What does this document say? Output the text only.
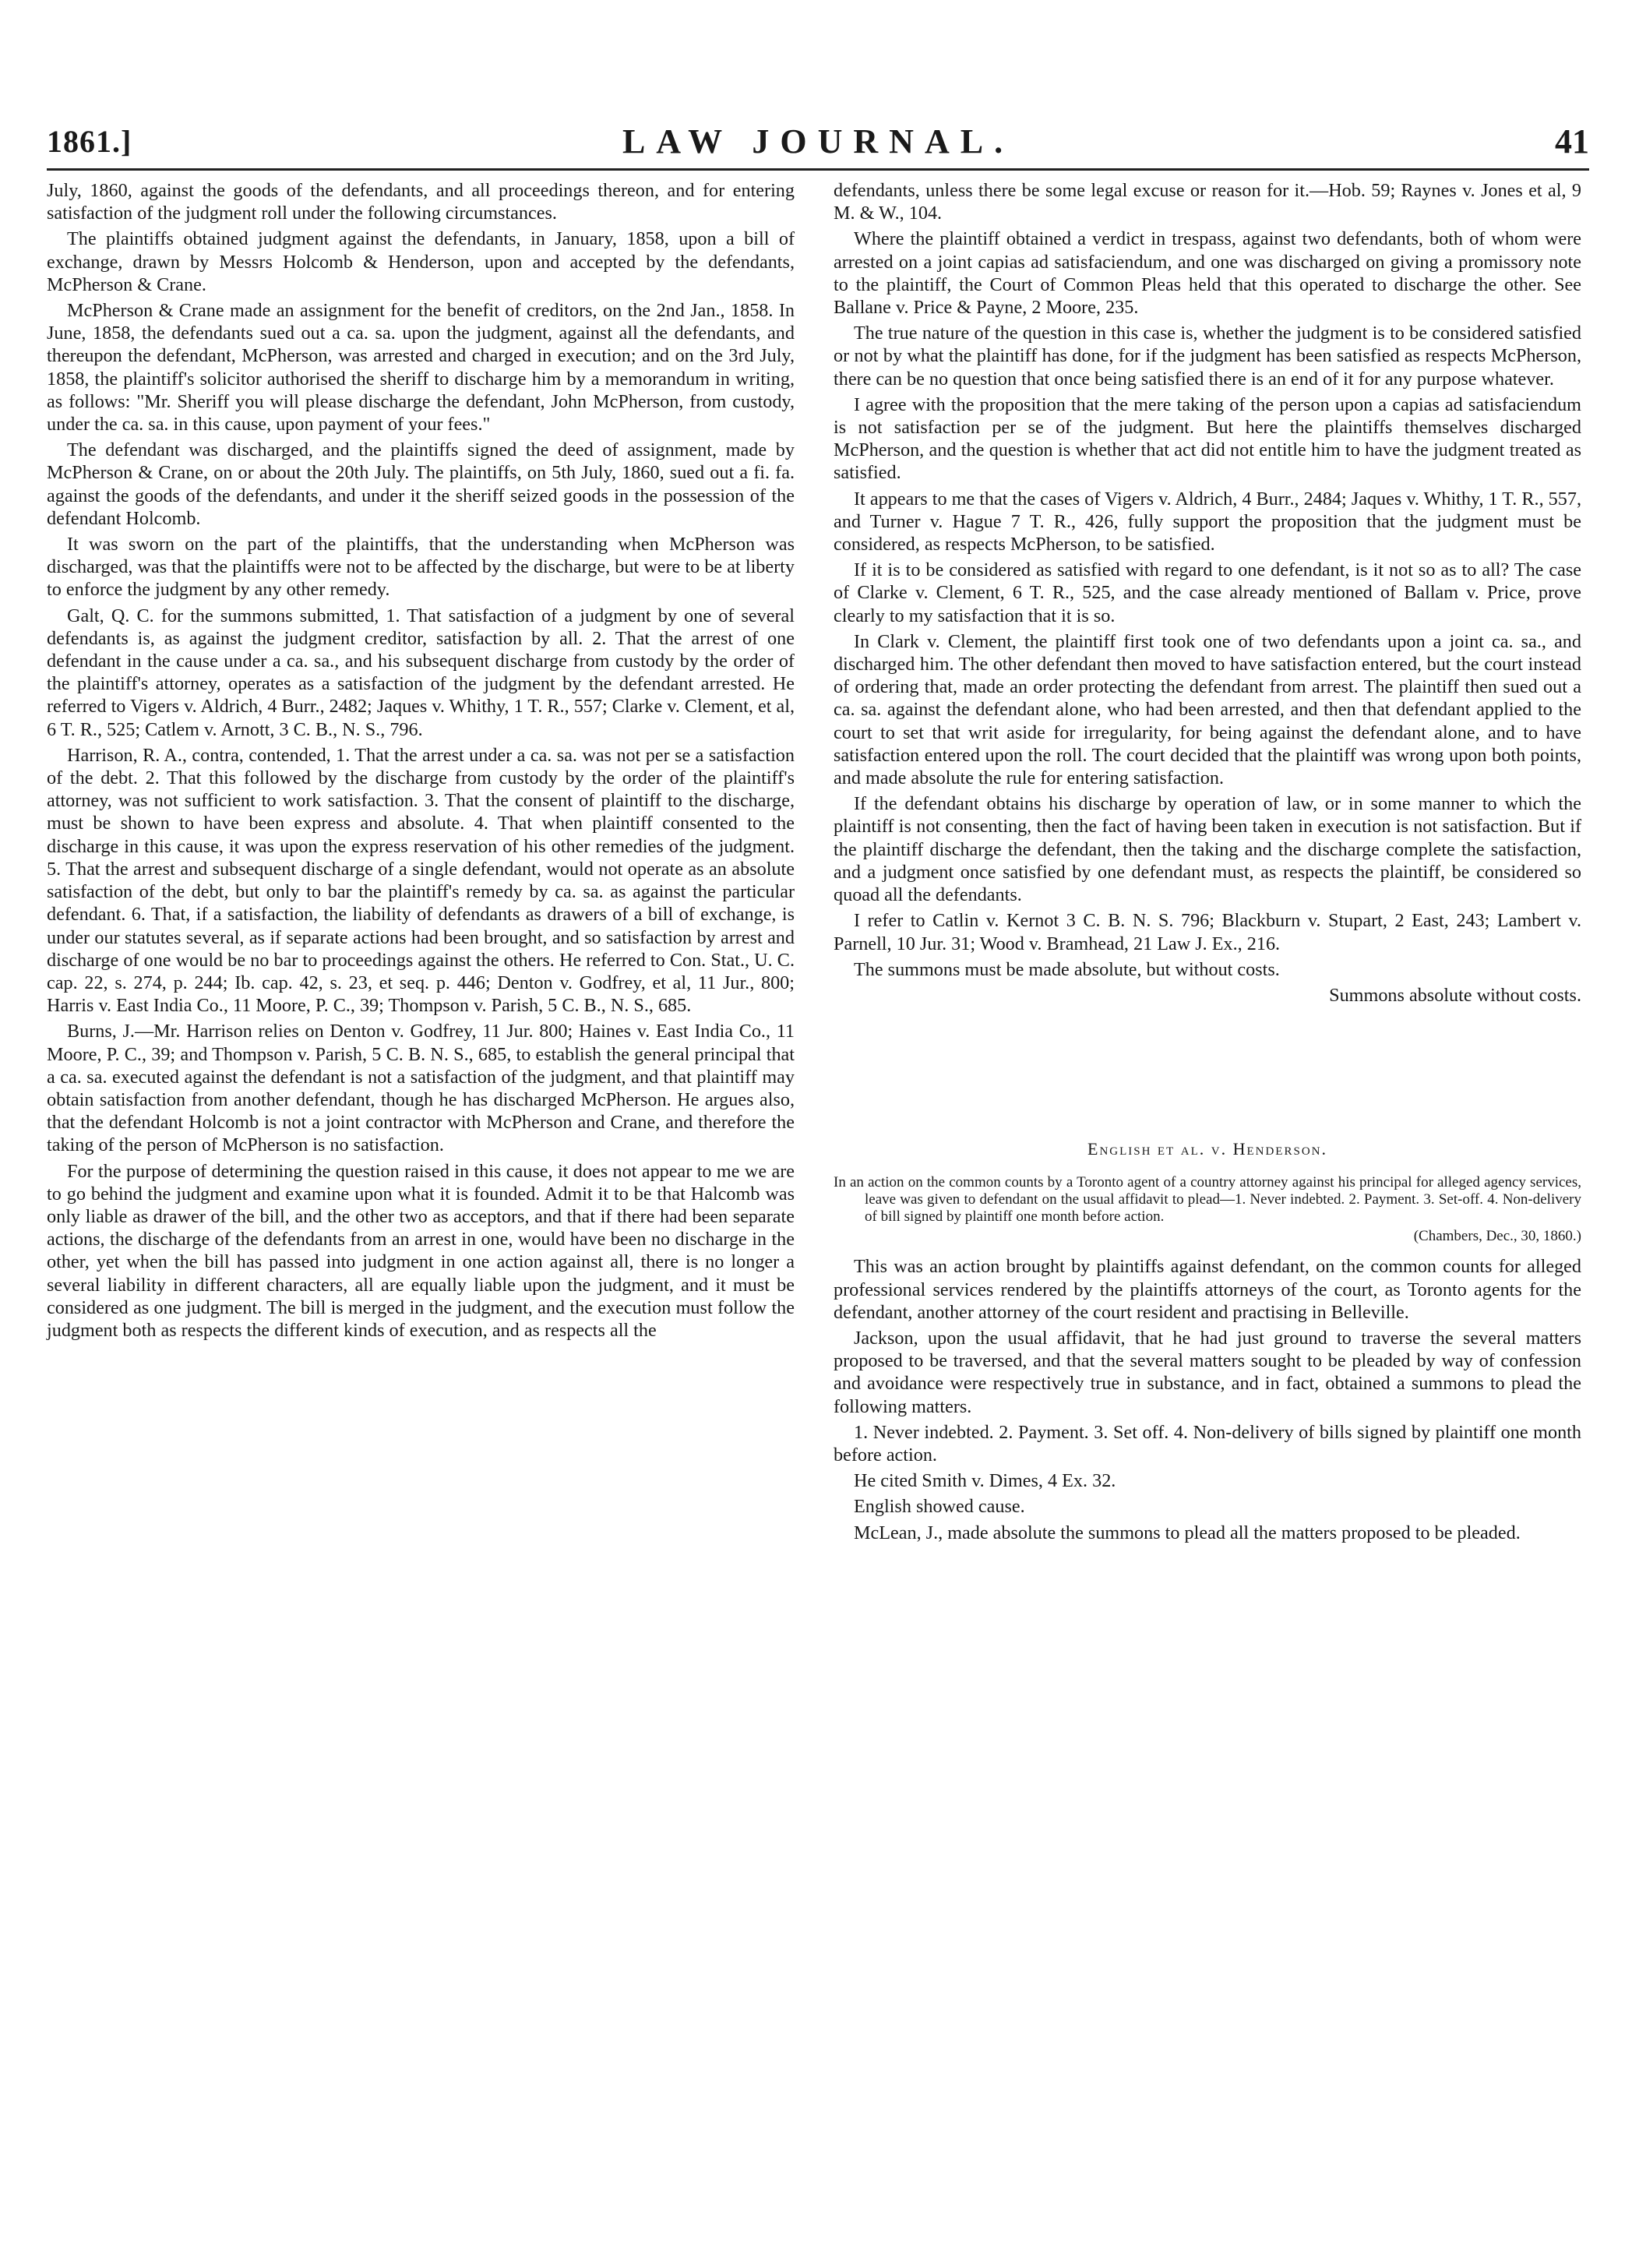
1861.]	LAW JOURNAL.	41

July, 1860, against the goods of the defendants, and all proceedings thereon, and for entering satisfaction of the judgment roll under the following circumstances.

The plaintiffs obtained judgment against the defendants, in January, 1858, upon a bill of exchange, drawn by Messrs Holcomb & Henderson, upon and accepted by the defendants, McPherson & Crane.

McPherson & Crane made an assignment for the benefit of creditors, on the 2nd Jan., 1858. In June, 1858, the defendants sued out a ca. sa. upon the judgment, against all the defendants, and thereupon the defendant, McPherson, was arrested and charged in execution; and on the 3rd July, 1858, the plaintiff's solicitor authorised the sheriff to discharge him by a memorandum in writing, as follows: "Mr. Sheriff you will please discharge the defendant, John McPherson, from custody, under the ca. sa. in this cause, upon payment of your fees."

The defendant was discharged, and the plaintiffs signed the deed of assignment, made by McPherson & Crane, on or about the 20th July. The plaintiffs, on 5th July, 1860, sued out a fi. fa. against the goods of the defendants, and under it the sheriff seized goods in the possession of the defendant Holcomb.

It was sworn on the part of the plaintiffs, that the understanding when McPherson was discharged, was that the plaintiffs were not to be affected by the discharge, but were to be at liberty to enforce the judgment by any other remedy.

Galt, Q. C. for the summons submitted, 1. That satisfaction of a judgment by one of several defendants is, as against the judgment creditor, satisfaction by all. 2. That the arrest of one defendant in the cause under a ca. sa., and his subsequent discharge from custody by the order of the plaintiff's attorney, operates as a satisfaction of the judgment by the defendant arrested. He referred to Vigers v. Aldrich, 4 Burr., 2482; Jaques v. Whithy, 1 T. R., 557; Clarke v. Clement, et al, 6 T. R., 525; Catlem v. Arnott, 3 C. B., N. S., 796.

Harrison, R. A., contra, contended, 1. That the arrest under a ca. sa. was not per se a satisfaction of the debt. 2. That this followed by the discharge from custody by the order of the plaintiff's attorney, was not sufficient to work satisfaction. 3. That the consent of plaintiff to the discharge, must be shown to have been express and absolute. 4. That when plaintiff consented to the discharge in this cause, it was upon the express reservation of his other remedies of the judgment. 5. That the arrest and subsequent discharge of a single defendant, would not operate as an absolute satisfaction of the debt, but only to bar the plaintiff's remedy by ca. sa. as against the particular defendant. 6. That, if a satisfaction, the liability of defendants as drawers of a bill of exchange, is under our statutes several, as if separate actions had been brought, and so satisfaction by arrest and discharge of one would be no bar to proceedings against the others. He referred to Con. Stat., U. C. cap. 22, s. 274, p. 244; Ib. cap. 42, s. 23, et seq. p. 446; Denton v. Godfrey, et al, 11 Jur., 800; Harris v. East India Co., 11 Moore, P. C., 39; Thompson v. Parish, 5 C. B., N. S., 685.

Burns, J.—Mr. Harrison relies on Denton v. Godfrey, 11 Jur. 800; Haines v. East India Co., 11 Moore, P. C., 39; and Thompson v. Parish, 5 C. B. N. S., 685, to establish the general principal that a ca. sa. executed against the defendant is not a satisfaction of the judgment, and that plaintiff may obtain satisfaction from another defendant, though he has discharged McPherson. He argues also, that the defendant Holcomb is not a joint contractor with McPherson and Crane, and therefore the taking of the person of McPherson is no satisfaction.

For the purpose of determining the question raised in this cause, it does not appear to me we are to go behind the judgment and examine upon what it is founded. Admit it to be that Halcomb was only liable as drawer of the bill, and the other two as acceptors, and that if there had been separate actions, the discharge of the defendants from an arrest in one, would have been no discharge in the other, yet when the bill has passed into judgment in one action against all, there is no longer a several liability in different characters, all are equally liable upon the judgment, and it must be considered as one judgment. The bill is merged in the judgment, and the execution must follow the judgment both as respects the different kinds of execution, and as respects all the

defendants, unless there be some legal excuse or reason for it.—Hob. 59; Raynes v. Jones et al, 9 M. & W., 104.

Where the plaintiff obtained a verdict in trespass, against two defendants, both of whom were arrested on a joint capias ad satisfaciendum, and one was discharged on giving a promissory note to the plaintiff, the Court of Common Pleas held that this operated to discharge the other. See Ballane v. Price & Payne, 2 Moore, 235.

The true nature of the question in this case is, whether the judgment is to be considered satisfied or not by what the plaintiff has done, for if the judgment has been satisfied as respects McPherson, there can be no question that once being satisfied there is an end of it for any purpose whatever.

I agree with the proposition that the mere taking of the person upon a capias ad satisfaciendum is not satisfaction per se of the judgment. But here the plaintiffs themselves discharged McPherson, and the question is whether that act did not entitle him to have the judgment treated as satisfied.

It appears to me that the cases of Vigers v. Aldrich, 4 Burr., 2484; Jaques v. Whithy, 1 T. R., 557, and Turner v. Hague 7 T. R., 426, fully support the proposition that the judgment must be considered, as respects McPherson, to be satisfied.

If it is to be considered as satisfied with regard to one defendant, is it not so as to all? The case of Clarke v. Clement, 6 T. R., 525, and the case already mentioned of Ballam v. Price, prove clearly to my satisfaction that it is so.

In Clark v. Clement, the plaintiff first took one of two defendants upon a joint ca. sa., and discharged him. The other defendant then moved to have satisfaction entered, but the court instead of ordering that, made an order protecting the defendant from arrest. The plaintiff then sued out a ca. sa. against the defendant alone, who had been arrested, and then that defendant applied to the court to set that writ aside for irregularity, for being against the defendant alone, and to have satisfaction entered upon the roll. The court decided that the plaintiff was wrong upon both points, and made absolute the rule for entering satisfaction.

If the defendant obtains his discharge by operation of law, or in some manner to which the plaintiff is not consenting, then the fact of having been taken in execution is not satisfaction. But if the plaintiff discharge the defendant, then the taking and the discharge complete the satisfaction, and a judgment once satisfied by one defendant must, as respects the plaintiff, be considered so quoad all the defendants.

I refer to Catlin v. Kernot 3 C. B. N. S. 796; Blackburn v. Stupart, 2 East, 243; Lambert v. Parnell, 10 Jur. 31; Wood v. Bramhead, 21 Law J. Ex., 216.

The summons must be made absolute, but without costs.

Summons absolute without costs.

English et al. v. Henderson.

In an action on the common counts by a Toronto agent of a country attorney against his principal for alleged agency services, leave was given to defendant on the usual affidavit to plead—1. Never indebted. 2. Payment. 3. Set-off. 4. Non-delivery of bill signed by plaintiff one month before action.

(Chambers, Dec., 30, 1860.)

This was an action brought by plaintiffs against defendant, on the common counts for alleged professional services rendered by the plaintiffs attorneys of the court, as Toronto agents for the defendant, another attorney of the court resident and practising in Belleville.

Jackson, upon the usual affidavit, that he had just ground to traverse the several matters proposed to be traversed, and that the several matters sought to be pleaded by way of confession and avoidance were respectively true in substance, and in fact, obtained a summons to plead the following matters.

1. Never indebted. 2. Payment. 3. Set off. 4. Non-delivery of bills signed by plaintiff one month before action.

He cited Smith v. Dimes, 4 Ex. 32.

English showed cause.

McLean, J., made absolute the summons to plead all the matters proposed to be pleaded.
